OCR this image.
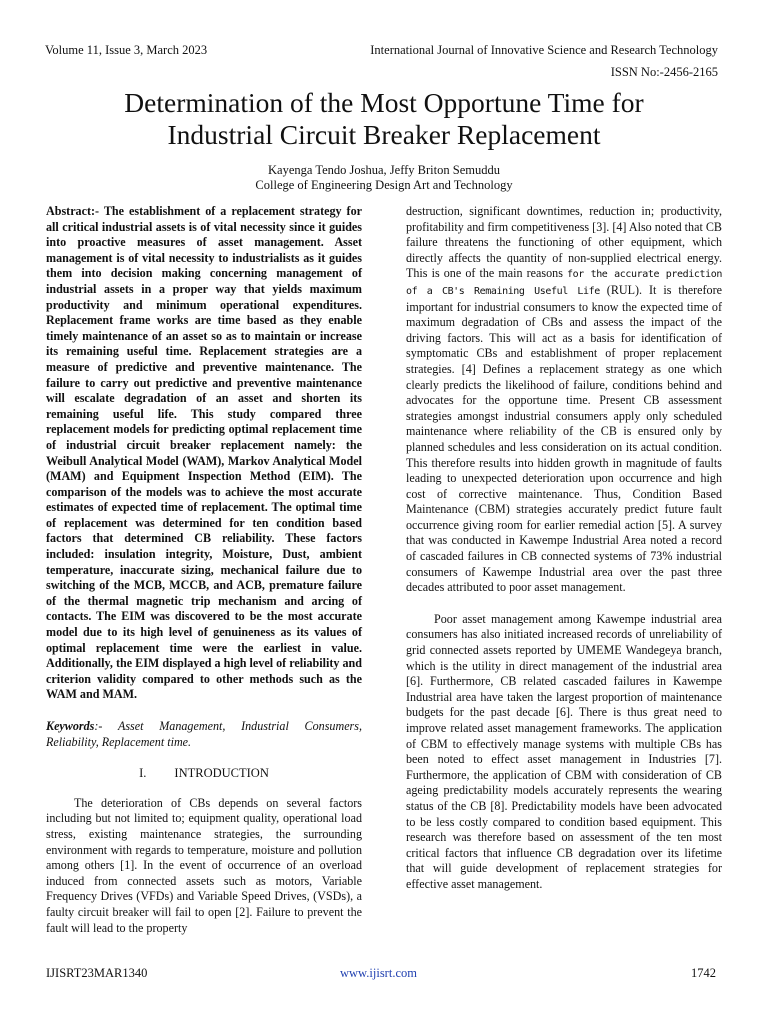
Volume 11, Issue 3, March 2023	International Journal of Innovative Science and Research Technology
ISSN No:-2456-2165
Determination of the Most Opportune Time for
Industrial Circuit Breaker Replacement
Kayenga Tendo Joshua, Jeffy Briton Semuddu
College of Engineering Design Art and Technology

Abstract:- The establishment of a replacement strategy for all critical industrial assets is of vital necessity since it guides into proactive measures of asset management. Asset management is of vital necessity to industrialists as it guides them into decision making concerning management of industrial assets in a proper way that yields maximum productivity and minimum operational expenditures. Replacement frame works are time based as they enable timely maintenance of an asset so as to maintain or increase its remaining useful time. Replacement strategies are a measure of predictive and preventive maintenance. The failure to carry out predictive and preventive maintenance will escalate degradation of an asset and shorten its remaining useful life. This study compared three replacement models for predicting optimal replacement time of industrial circuit breaker replacement namely: the Weibull Analytical Model (WAM), Markov Analytical Model (MAM) and Equipment Inspection Method (EIM). The comparison of the models was to achieve the most accurate estimates of expected time of replacement. The optimal time of replacement was determined for ten condition based factors that determined CB reliability. These factors included: insulation integrity, Moisture, Dust, ambient temperature, inaccurate sizing, mechanical failure due to switching of the MCB, MCCB, and ACB, premature failure of the thermal magnetic trip mechanism and arcing of contacts. The EIM was discovered to be the most accurate model due to its high level of genuineness as its values of optimal replacement time were the earliest in value. Additionally, the EIM displayed a high level of reliability and criterion validity compared to other methods such as the WAM and MAM.

Keywords:- Asset Management, Industrial Consumers, Reliability, Replacement time.

I. INTRODUCTION

The deterioration of CBs depends on several factors including but not limited to; equipment quality, operational load stress, existing maintenance strategies, the surrounding environment with regards to temperature, moisture and pollution among others [1]. In the event of occurrence of an overload induced from connected assets such as motors, Variable Frequency Drives (VFDs) and Variable Speed Drives, (VSDs), a faulty circuit breaker will fail to open [2]. Failure to prevent the fault will lead to the property

destruction, significant downtimes, reduction in; productivity, profitability and firm competitiveness [3]. [4] Also noted that CB failure threatens the functioning of other equipment, which directly affects the quantity of non-supplied electrical energy. This is one of the main reasons for the accurate prediction of a CB's Remaining Useful Life (RUL). It is therefore important for industrial consumers to know the expected time of maximum degradation of CBs and assess the impact of the driving factors. This will act as a basis for identification of symptomatic CBs and establishment of proper replacement strategies. [4] Defines a replacement strategy as one which clearly predicts the likelihood of failure, conditions behind and advocates for the opportune time. Present CB assessment strategies amongst industrial consumers apply only scheduled maintenance where reliability of the CB is ensured only by planned schedules and less consideration on its actual condition. This therefore results into hidden growth in magnitude of faults leading to unexpected deterioration upon occurrence and high cost of corrective maintenance. Thus, Condition Based Maintenance (CBM) strategies accurately predict future fault occurrence giving room for earlier remedial action [5]. A survey that was conducted in Kawempe Industrial Area noted a record of cascaded failures in CB connected systems of 73% industrial consumers of Kawempe Industrial area over the past three decades attributed to poor asset management.

Poor asset management among Kawempe industrial area consumers has also initiated increased records of unreliability of grid connected assets reported by UMEME Wandegeya branch, which is the utility in direct management of the industrial area [6]. Furthermore, CB related cascaded failures in Kawempe Industrial area have taken the largest proportion of maintenance budgets for the past decade [6]. There is thus great need to improve related asset management frameworks. The application of CBM to effectively manage systems with multiple CBs has been noted to effect asset management in Industries [7]. Furthermore, the application of CBM with consideration of CB ageing predictability models accurately represents the wearing status of the CB [8]. Predictability models have been advocated to be less costly compared to condition based equipment. This research was therefore based on assessment of the ten most critical factors that influence CB degradation over its lifetime that will guide development of replacement strategies for effective asset management.

IJISRT23MAR1340	www.ijisrt.com	1742
